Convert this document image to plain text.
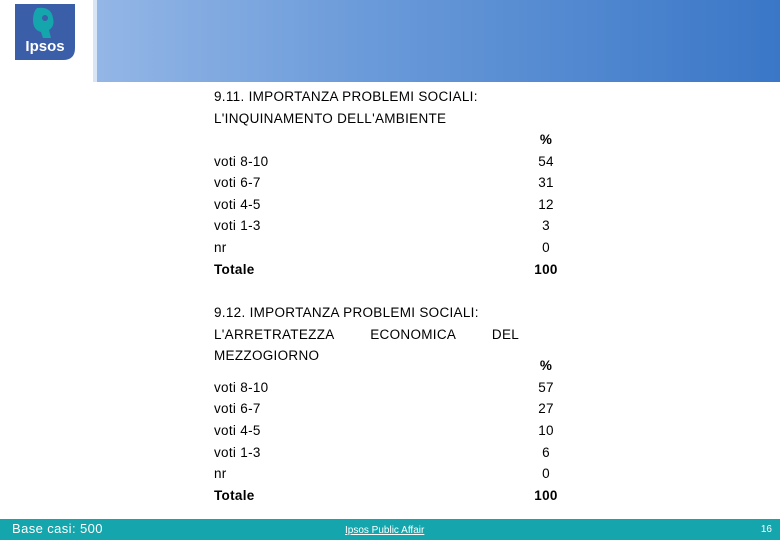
Ipsos
9.11. IMPORTANZA PROBLEMI SOCIALI:
L'INQUINAMENTO DELL'AMBIENTE
%
voti 8-10	54
voti 6-7	31
voti 4-5	12
voti 1-3	3
nr	0
Totale	100
9.12. IMPORTANZA PROBLEMI SOCIALI:
L'ARRETRATEZZA         ECONOMICA         DEL
MEZZOGIORNO
%
voti 8-10	57
voti 6-7	27
voti 4-5	10
voti 1-3	6
nr	0
Totale	100
Base casi: 500	Ipsos Public Affair	16
